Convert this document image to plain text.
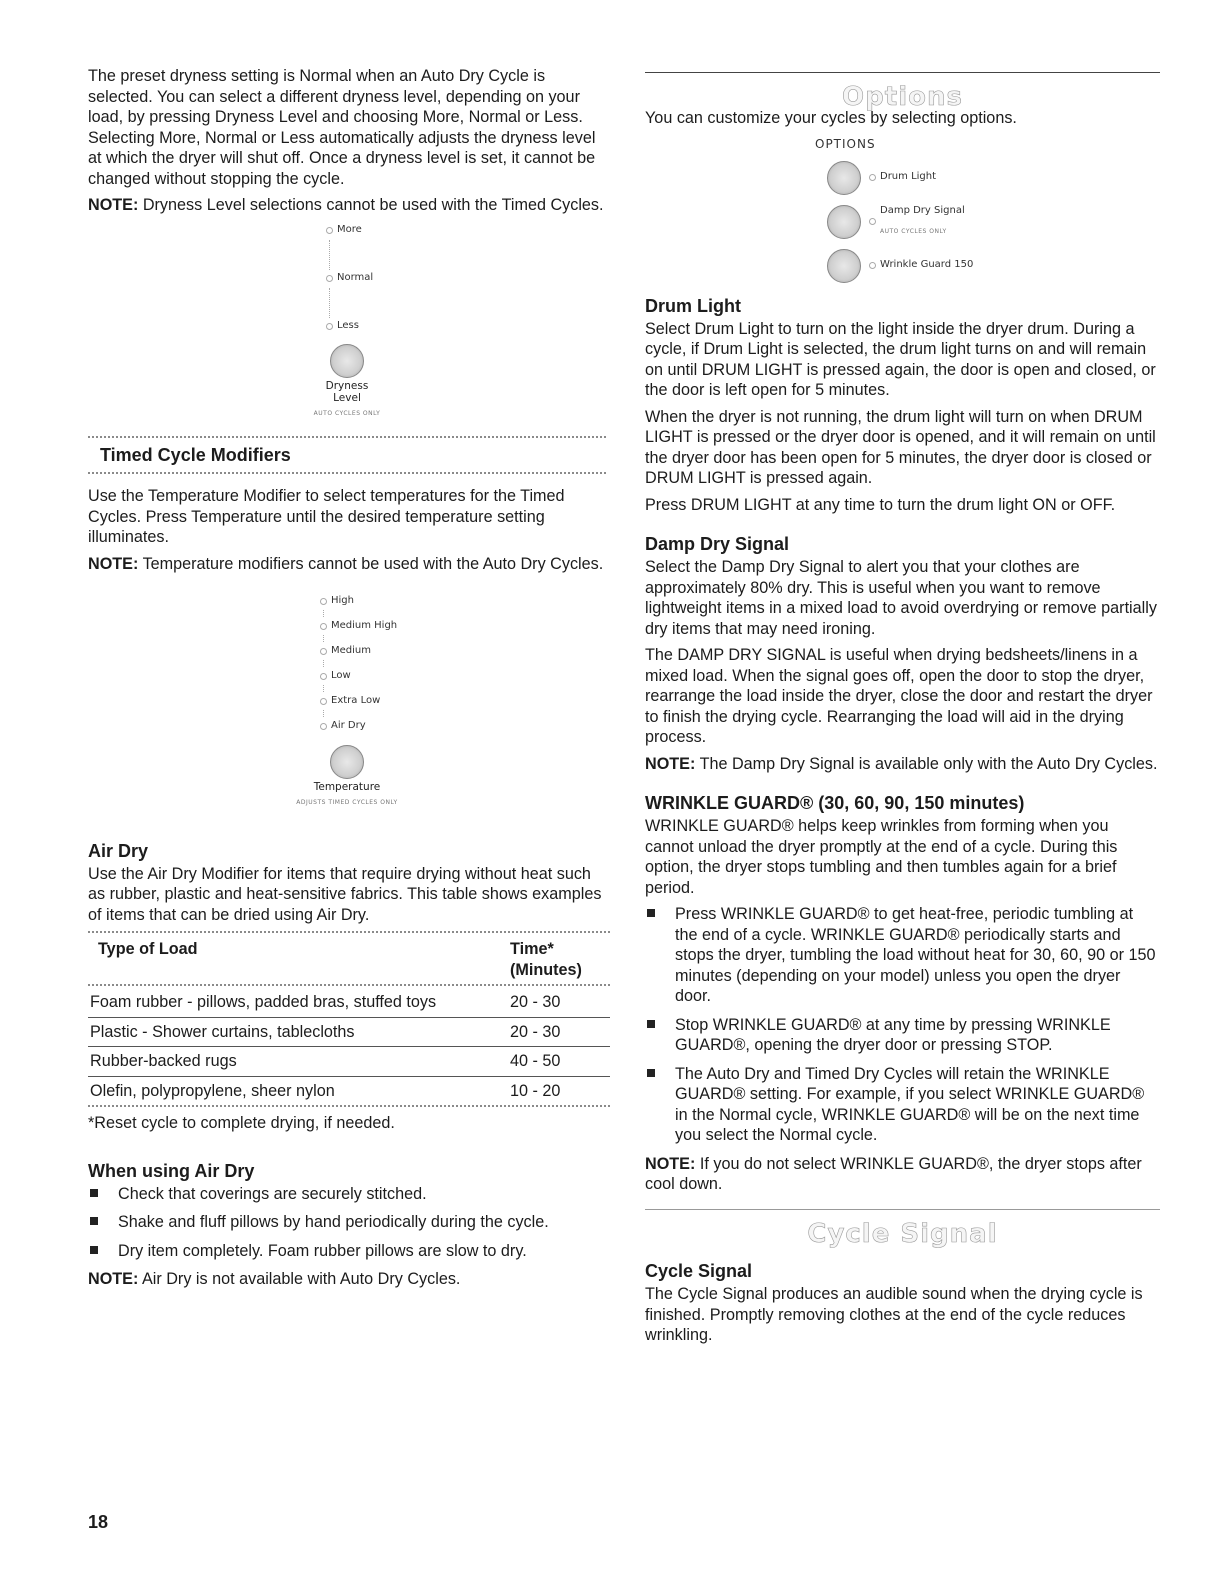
The preset dryness setting is Normal when an Auto Dry Cycle is selected. You can select a different dryness level, depending on your load, by pressing Dryness Level and choosing More, Normal or Less. Selecting More, Normal or Less automatically adjusts the dryness level at which the dryer will shut off. Once a dryness level is set, it cannot be changed without stopping the cycle.

NOTE: Dryness Level selections cannot be used with the Timed Cycles.

More
Normal
Less
Dryness
Level
AUTO CYCLES ONLY
Timed Cycle Modifiers

Use the Temperature Modifier to select temperatures for the Timed Cycles. Press Temperature until the desired temperature setting illuminates.

NOTE: Temperature modifiers cannot be used with the Auto Dry Cycles.

High
Medium High
Medium
Low
Extra Low
Air Dry
Temperature
ADJUSTS TIMED CYCLES ONLY
Air Dry

Use the Air Dry Modifier for items that require drying without heat such as rubber, plastic and heat-sensitive fabrics. This table shows examples of items that can be dried using Air Dry.

Type of Load	Time*
(Minutes)
Foam rubber - pillows, padded bras, stuffed toys	20 - 30
Plastic - Shower curtains, tablecloths	20 - 30
Rubber-backed rugs	40 - 50
Olefin, polypropylene, sheer nylon	10 - 20

*Reset cycle to complete drying, if needed.

When using Air Dry
Check that coverings are securely stitched.
Shake and fluff pillows by hand periodically during the cycle.
Dry item completely. Foam rubber pillows are slow to dry.

NOTE: Air Dry is not available with Auto Dry Cycles.

Options

You can customize your cycles by selecting options.

OPTIONS
Drum Light
Damp Dry Signal
AUTO CYCLES ONLY
Wrinkle Guard 150
Drum Light

Select Drum Light to turn on the light inside the dryer drum. During a cycle, if Drum Light is selected, the drum light turns on and will remain on until DRUM LIGHT is pressed again, the door is open and closed, or the door is left open for 5 minutes.

When the dryer is not running, the drum light will turn on when DRUM LIGHT is pressed or the dryer door is opened, and it will remain on until the dryer door has been open for 5 minutes, the dryer door is closed or DRUM LIGHT is pressed again.

Press DRUM LIGHT at any time to turn the drum light ON or OFF.

Damp Dry Signal

Select the Damp Dry Signal to alert you that your clothes are approximately 80% dry. This is useful when you want to remove lightweight items in a mixed load to avoid overdrying or remove partially dry items that may need ironing.

The DAMP DRY SIGNAL is useful when drying bedsheets/linens in a mixed load. When the signal goes off, open the door to stop the dryer, rearrange the load inside the dryer, close the door and restart the dryer to finish the drying cycle. Rearranging the load will aid in the drying process.

NOTE: The Damp Dry Signal is available only with the Auto Dry Cycles.

WRINKLE GUARD® (30, 60, 90, 150 minutes)

WRINKLE GUARD® helps keep wrinkles from forming when you cannot unload the dryer promptly at the end of a cycle. During this option, the dryer stops tumbling and then tumbles again for a brief period.

Press WRINKLE GUARD® to get heat-free, periodic tumbling at the end of a cycle. WRINKLE GUARD® periodically starts and stops the dryer, tumbling the load without heat for 30, 60, 90 or 150 minutes (depending on your model) unless you open the dryer door.
Stop WRINKLE GUARD® at any time by pressing WRINKLE GUARD®, opening the dryer door or pressing STOP.
The Auto Dry and Timed Dry Cycles will retain the WRINKLE GUARD® setting. For example, if you select WRINKLE GUARD® in the Normal cycle, WRINKLE GUARD® will be on the next time you select the Normal cycle.

NOTE: If you do not select WRINKLE GUARD®, the dryer stops after cool down.

Cycle Signal
Cycle Signal

The Cycle Signal produces an audible sound when the drying cycle is finished. Promptly removing clothes at the end of the cycle reduces wrinkling.

18
